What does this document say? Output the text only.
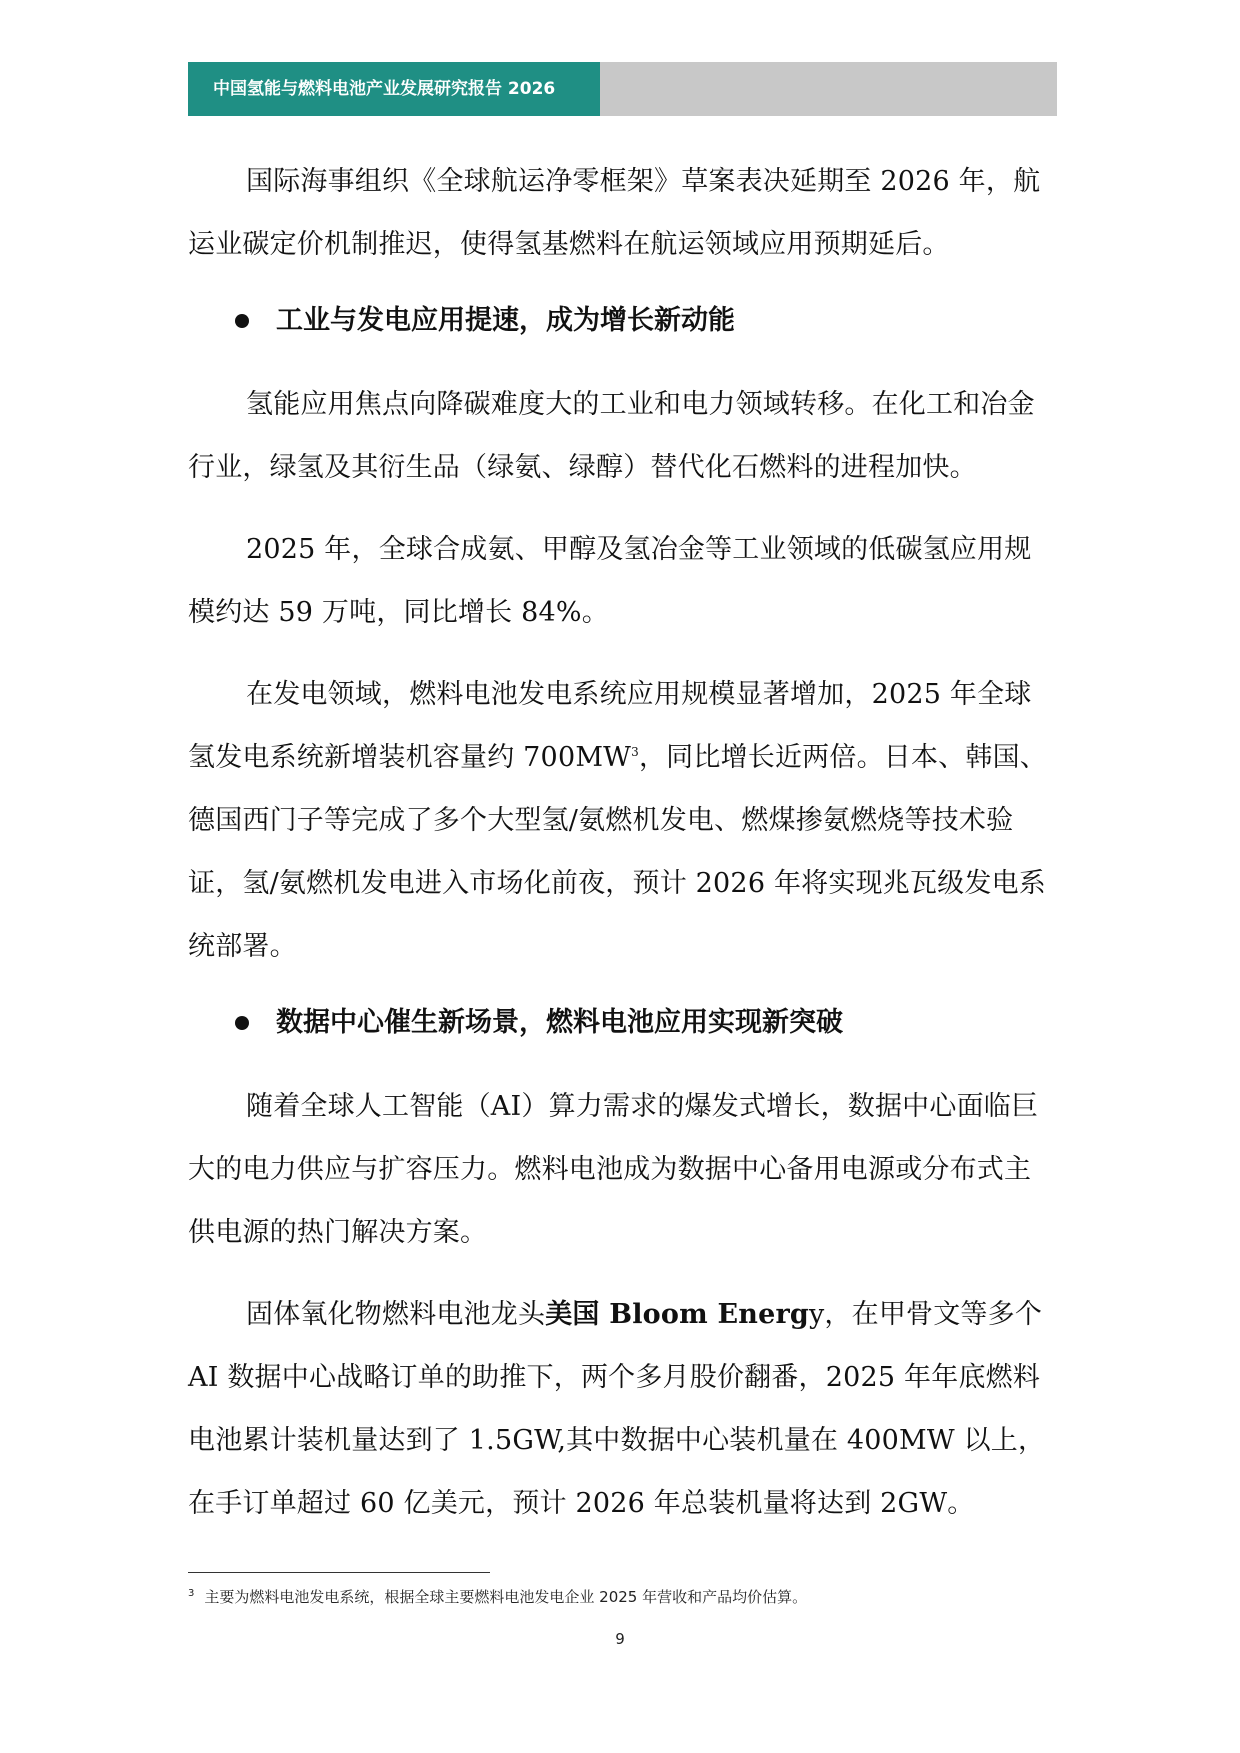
中国氢能与燃料电池产业发展研究报告 2026

国际海事组织《全球航运净零框架》草案表决延期至 2026 年，航运业碳定价机制推迟，使得氢基燃料在航运领域应用预期延后。

工业与发电应用提速，成为增长新动能

氢能应用焦点向降碳难度大的工业和电力领域转移。在化工和冶金行业，绿氢及其衍生品（绿氨、绿醇）替代化石燃料的进程加快。

2025 年，全球合成氨、甲醇及氢冶金等工业领域的低碳氢应用规模约达 59 万吨，同比增长 84%。

在发电领域，燃料电池发电系统应用规模显著增加，2025 年全球氢发电系统新增装机容量约 700MW$^3$，同比增长近两倍。日本、韩国、德国西门子等完成了多个大型氢/氨燃机发电、燃煤掺氨燃烧等技术验证，氢/氨燃机发电进入市场化前夜，预计 2026 年将实现兆瓦级发电系统部署。

数据中心催生新场景，燃料电池应用实现新突破

随着全球人工智能（AI）算力需求的爆发式增长，数据中心面临巨大的电力供应与扩容压力。燃料电池成为数据中心备用电源或分布式主供电源的热门解决方案。

固体氧化物燃料电池龙头美国 Bloom Energy，在甲骨文等多个 AI 数据中心战略订单的助推下，两个多月股价翻番，2025 年年底燃料电池累计装机量达到了 1.5GW,其中数据中心装机量在 400MW 以上，在手订单超过 60 亿美元，预计 2026 年总装机量将达到 2GW。

$^3$ 主要为燃料电池发电系统，根据全球主要燃料电池发电企业 2025 年营收和产品均价估算。
9
